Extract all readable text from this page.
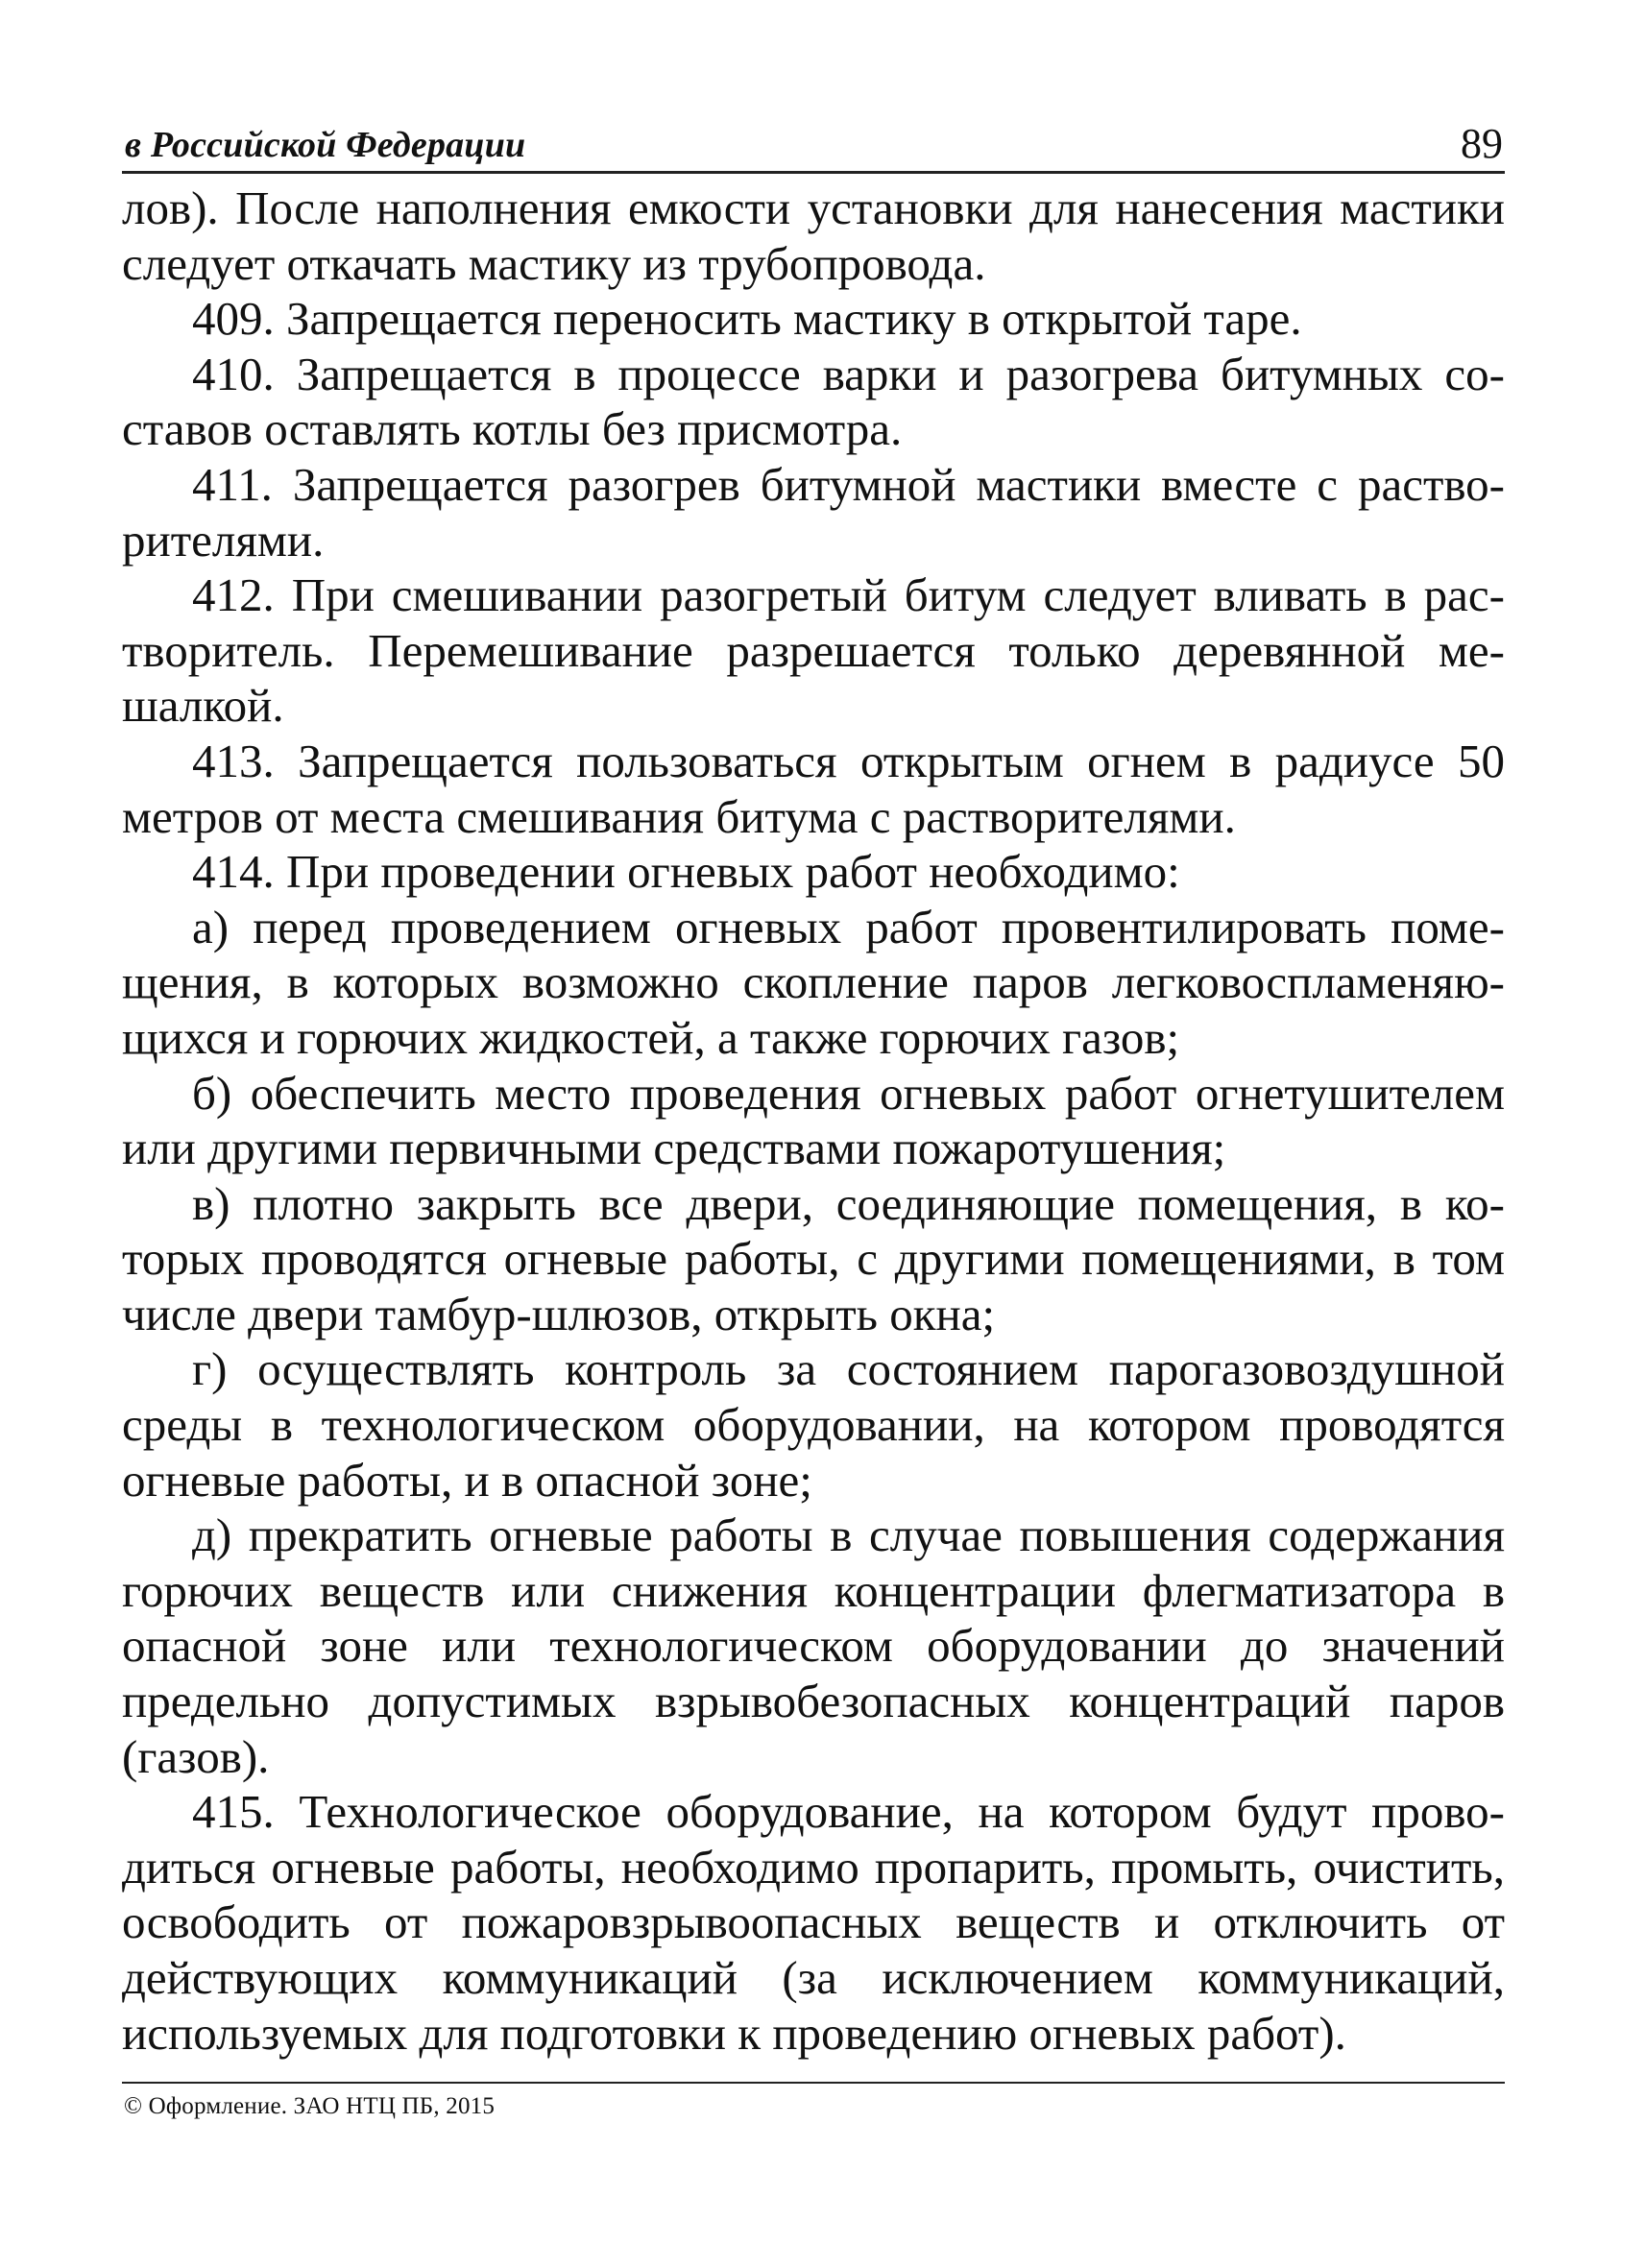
в Российской Федерации	89

лов). После наполнения емкости установки для нанесения мастики следует откачать мастику из трубопровода.

409. Запрещается переносить мастику в открытой таре.

410. Запрещается в процессе варки и разогрева битумных составов оставлять котлы без присмотра.

411. Запрещается разогрев битумной мастики вместе с растворителями.

412. При смешивании разогретый битум следует вливать в растворитель. Перемешивание разрешается только деревянной мешалкой.

413. Запрещается пользоваться открытым огнем в радиусе 50 метров от места смешивания битума с растворителями.

414. При проведении огневых работ необходимо:

а) перед проведением огневых работ провентилировать помещения, в которых возможно скопление паров легковоспламеняющихся и горючих жидкостей, а также горючих газов;

б) обеспечить место проведения огневых работ огнетушителем или другими первичными средствами пожаротушения;

в) плотно закрыть все двери, соединяющие помещения, в которых проводятся огневые работы, с другими помещениями, в том числе двери тамбур-шлюзов, открыть окна;

г) осуществлять контроль за состоянием парогазовоздушной среды в технологическом оборудовании, на котором проводятся огневые работы, и в опасной зоне;

д) прекратить огневые работы в случае повышения содержания горючих веществ или снижения концентрации флегматизатора в опасной зоне или технологическом оборудовании до значений предельно допустимых взрывобезопасных концентраций паров (газов).

415. Технологическое оборудование, на котором будут проводиться огневые работы, необходимо пропарить, промыть, очистить, освободить от пожаровзрывоопасных веществ и отключить от действующих коммуникаций (за исключением коммуникаций, используемых для подготовки к проведению огневых работ).

© Оформление. ЗАО НТЦ ПБ, 2015
